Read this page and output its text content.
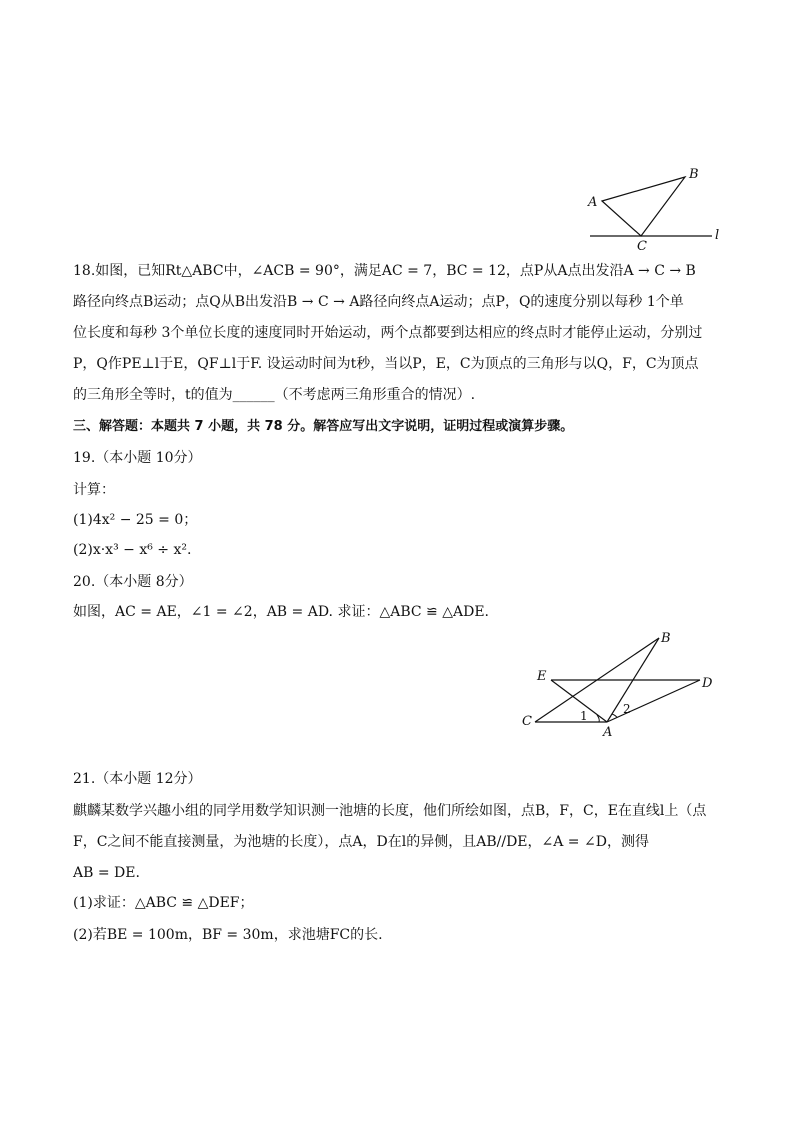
A
B
C
l
18.如图，已知Rt△ABC中，∠ACB = 90°，满足AC = 7，BC = 12，点P从A点出发沿A → C → B
路径向终点B运动；点Q从B出发沿B → C → A路径向终点A运动；点P，Q的速度分别以每秒 1个单
位长度和每秒 3个单位长度的速度同时开始运动，两个点都要到达相应的终点时才能停止运动，分别过
P，Q作PE⊥l于E，QF⊥l于F. 设运动时间为t秒，当以P，E，C为顶点的三角形与以Q，F，C为顶点
的三角形全等时，t的值为______（不考虑两三角形重合的情况）.
三、解答题：本题共 7 小题，共 78 分。解答应写出文字说明，证明过程或演算步骤。
19.（本小题 10分）
计算：
(1)4x² − 25 = 0；
(2)x·x³ − x⁶ ÷ x².
20.（本小题 8分）
如图，AC = AE，∠1 = ∠2，AB = AD. 求证：△ABC ≌ △ADE.
B
E	D
C
A
1	2
21.（本小题 12分）
麒麟某数学兴趣小组的同学用数学知识测一池塘的长度，他们所绘如图，点B，F，C，E在直线l上（点
F，C之间不能直接测量，为池塘的长度），点A，D在l的异侧，且AB//DE，∠A = ∠D，测得
AB = DE.
(1)求证：△ABC ≌ △DEF；
(2)若BE = 100m，BF = 30m，求池塘FC的长.
